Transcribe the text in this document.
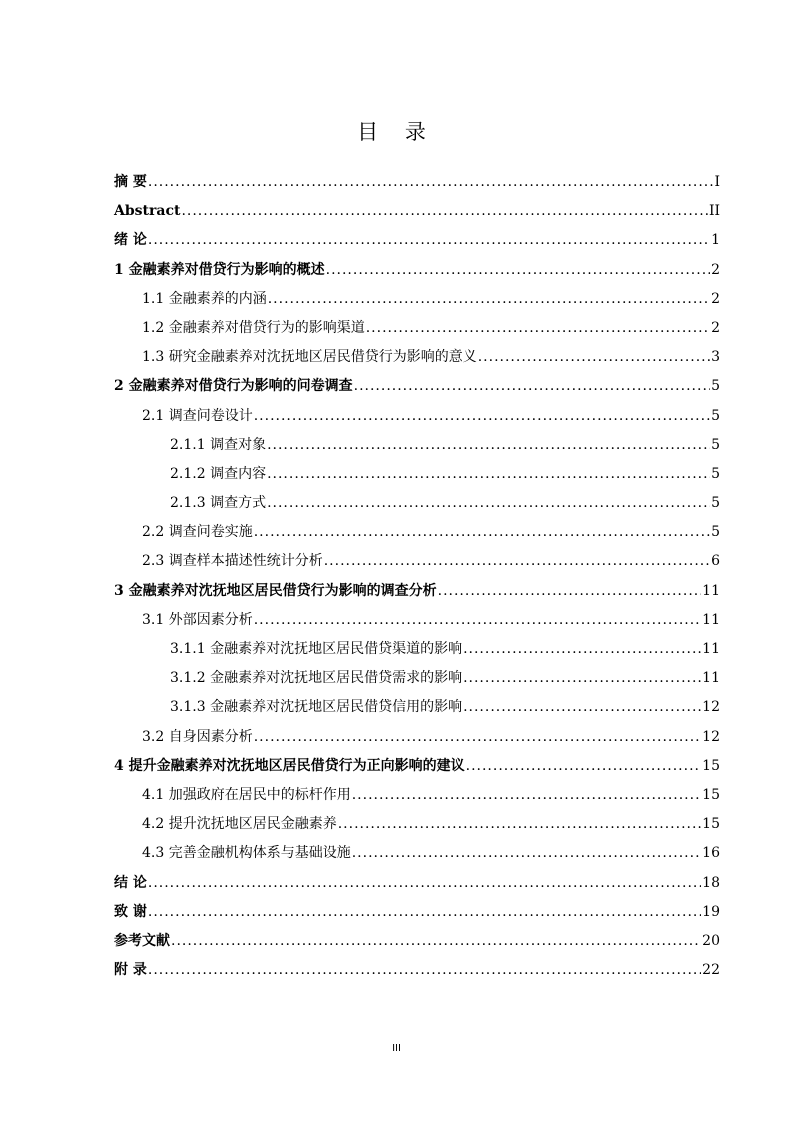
目 录
摘 要 .....	I
Abstract .....	II
绪 论 .....	1
1 金融素养对借贷行为影响的概述 .....	2
1.1 金融素养的内涵 .....	2
1.2 金融素养对借贷行为的影响渠道 .....	2
1.3 研究金融素养对沈抚地区居民借贷行为影响的意义 .....	3
2 金融素养对借贷行为影响的问卷调查 .....	5
2.1 调查问卷设计 .....	5
2.1.1 调查对象 .....	5
2.1.2 调查内容 .....	5
2.1.3 调查方式 .....	5
2.2 调查问卷实施 .....	5
2.3 调查样本描述性统计分析 .....	6
3 金融素养对沈抚地区居民借贷行为影响的调查分析 .....	11
3.1 外部因素分析 .....	11
3.1.1 金融素养对沈抚地区居民借贷渠道的影响 .....	11
3.1.2 金融素养对沈抚地区居民借贷需求的影响 .....	11
3.1.3 金融素养对沈抚地区居民借贷信用的影响 .....	12
3.2 自身因素分析 .....	12
4 提升金融素养对沈抚地区居民借贷行为正向影响的建议 .....	15
4.1 加强政府在居民中的标杆作用 .....	15
4.2 提升沈抚地区居民金融素养 .....	15
4.3 完善金融机构体系与基础设施 .....	16
结 论 .....	18
致 谢 .....	19
参考文献 .....	20
附 录 .....	22
III
